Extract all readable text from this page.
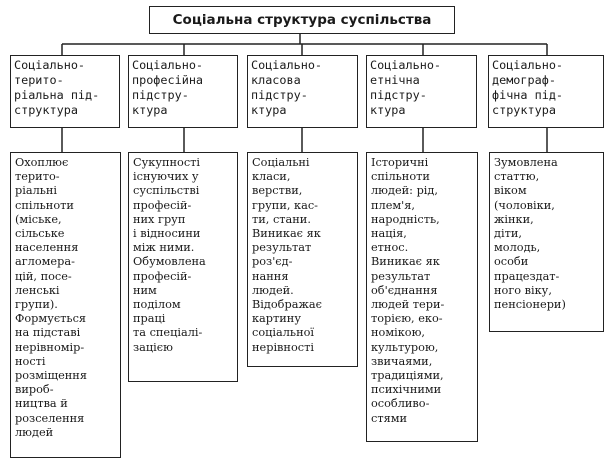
Соціальна структура суспільства
Соціально-
терито-
ріальна під-
структура
Соціально-
професійна
підстру-
ктура
Соціально-
класова
підстру-
ктура
Соціально-
етнічна
підстру-
ктура
Соціально-
демограф-
фічна під-
структура
Охоплює
терито-
ріальні
спільноти
(міське,
сільське
населення
агломера-
цій, посе-
ленські
групи).
Формується
на підставі
нерівномір-
ності
розміщення
вироб-
ництва й
розселення
людей
Сукупності
існуючих у
суспільстві
професій-
них груп
і відносини
між ними.
Обумовлена
професій-
ним
поділом
праці
та спеціалі-
зацією
Соціальні
класи,
верстви,
групи, кас-
ти, стани.
Виникає як
результат
роз'єд-
нання
людей.
Відображає
картину
соціальної
нерівності
Історичні
спільноти
людей: рід,
плем'я,
народність,
нація,
етнос.
Виникає як
результат
об'єднання
людей тери-
торією, еко-
номікою,
культурою,
звичаями,
традиціями,
психічними
особливо-
стями
Зумовлена
статтю,
віком
(чоловіки,
жінки,
діти,
молодь,
особи
працездат-
ного віку,
пенсіонери)
